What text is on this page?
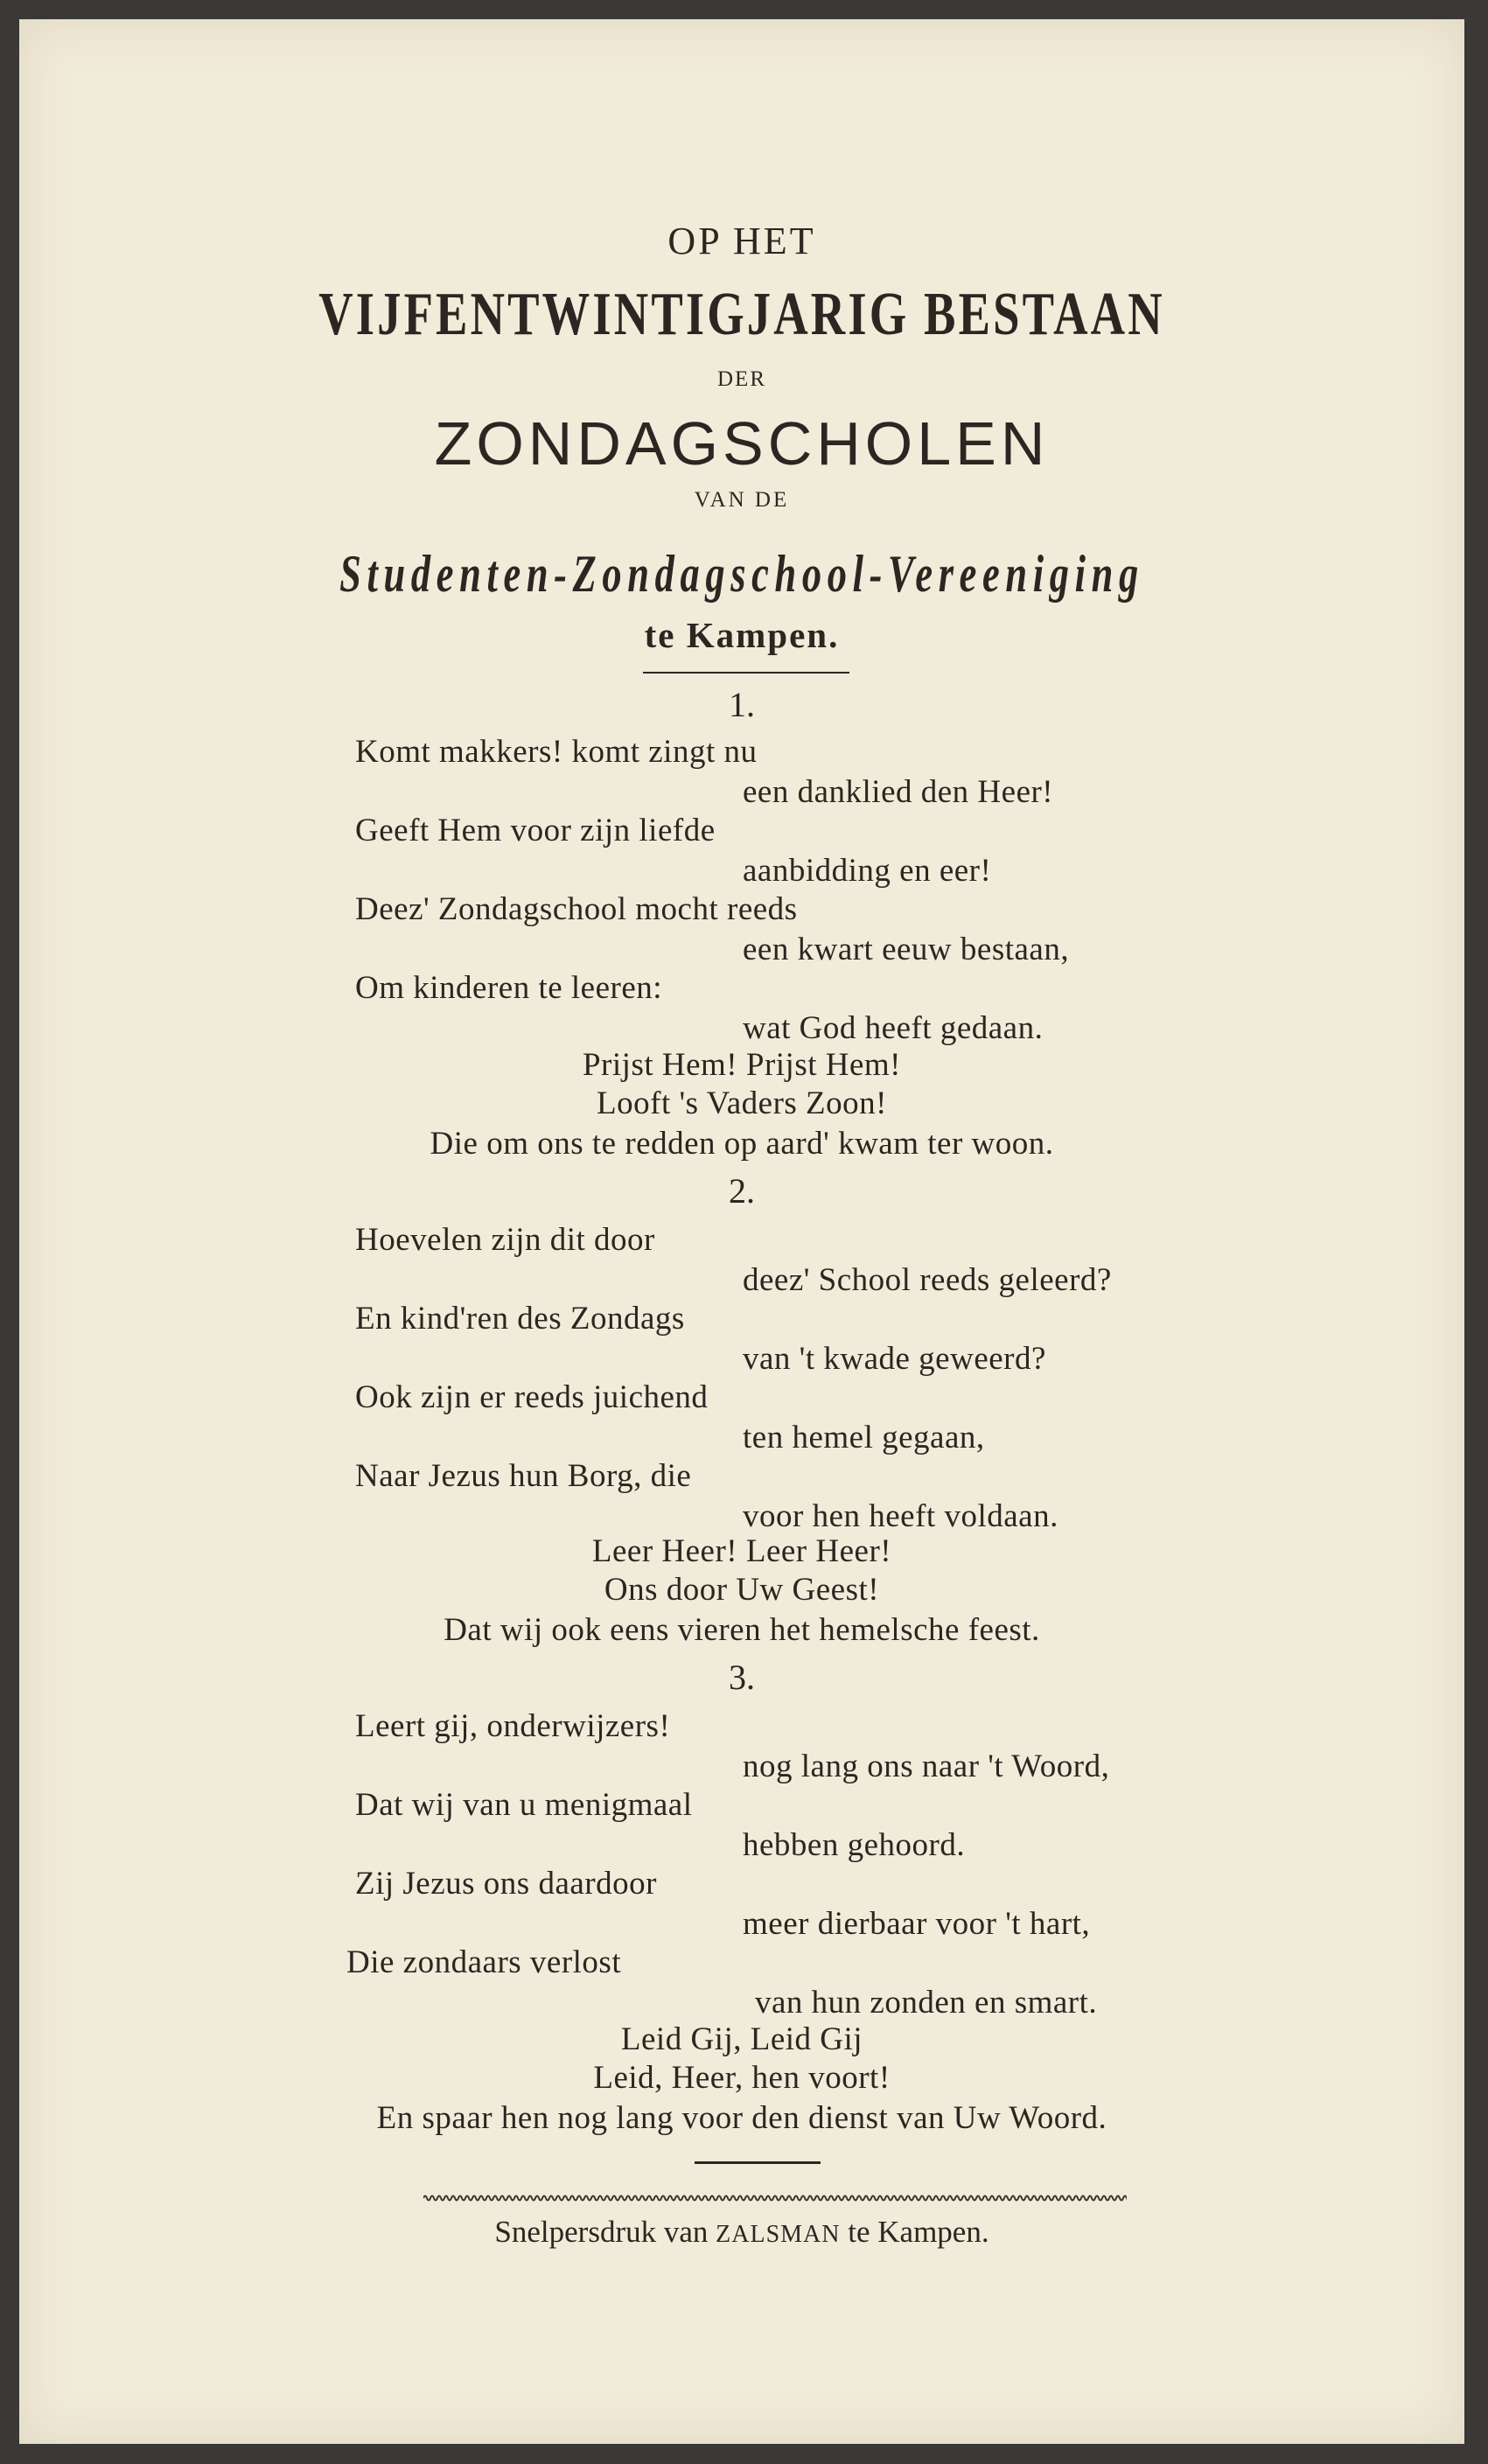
OP HET
VIJFENTWINTIGJARIG BESTAAN
DER
ZONDAGSCHOLEN
VAN DE
Studenten-Zondagschool-Vereeniging
te Kampen.
1.
Komt makkers! komt zingt nu
een danklied den Heer!
Geeft Hem voor zijn liefde
aanbidding en eer!
Deez' Zondagschool mocht reeds
een kwart eeuw bestaan,
Om kinderen te leeren:
wat God heeft gedaan.
Prijst Hem! Prijst Hem!
Looft 's Vaders Zoon!
Die om ons te redden op aard' kwam ter woon.
2.
Hoevelen zijn dit door
deez' School reeds geleerd?
En kind'ren des Zondags
van 't kwade geweerd?
Ook zijn er reeds juichend
ten hemel gegaan,
Naar Jezus hun Borg, die
voor hen heeft voldaan.
Leer Heer! Leer Heer!
Ons door Uw Geest!
Dat wij ook eens vieren het hemelsche feest.
3.
Leert gij, onderwijzers!
nog lang ons naar 't Woord,
Dat wij van u menigmaal
hebben gehoord.
Zij Jezus ons daardoor
meer dierbaar voor 't hart,
Die zondaars verlost
van hun zonden en smart.
Leid Gij, Leid Gij
Leid, Heer, hen voort!
En spaar hen nog lang voor den dienst van Uw Woord.
Snelpersdruk van ZALSMAN te Kampen.
